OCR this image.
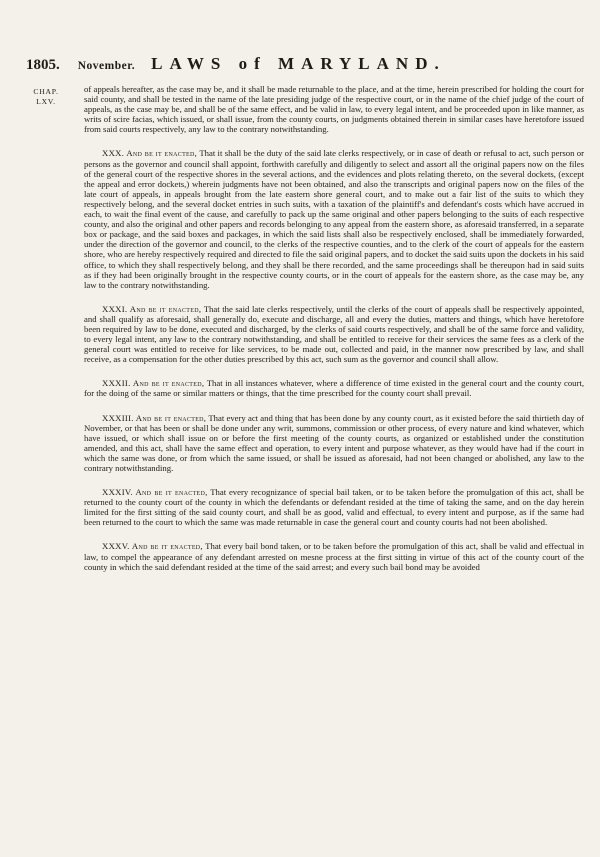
1805. November. LAWS of MARYLAND.
CHAP. LXV.

of appeals hereafter, as the case may be, and it shall be made returnable to the place, and at the time, herein prescribed for holding the court for said county, and shall be tested in the name of the late presiding judge of the respective court, or in the name of the chief judge of the court of appeals, as the case may be, and shall be of the same effect, and be valid in law, to every legal intent, and be proceeded upon in like manner, as writs of scire facias, which issued, or shall issue, from the county courts, on judgments obtained therein in similar cases have heretofore issued from said courts respectively, any law to the contrary notwithstanding.

XXX. And be it enacted, That it shall be the duty of the said late clerks respectively, or in case of death or refusal to act, such person or persons as the governor and council shall appoint, forthwith carefully and diligently to select and assort all the original papers now on the files of the general court of the respective shores in the several actions, and the evidences and plots relating thereto, on the several dockets, (except the appeal and error dockets,) wherein judgments have not been obtained, and also the transcripts and original papers now on the files of the late court of appeals, in appeals brought from the late eastern shore general court, and to make out a fair list of the suits to which they respectively belong, and the several docket entries in such suits, with a taxation of the plaintiff's and defendant's costs which have accrued in each, to wait the final event of the cause, and carefully to pack up the same original and other papers belonging to the suits of each respective county, and also the original and other papers and records belonging to any appeal from the eastern shore, as aforesaid transferred, in a separate box or package, and the said boxes and packages, in which the said lists shall also be respectively enclosed, shall be immediately forwarded, under the direction of the governor and council, to the clerks of the respective counties, and to the clerk of the court of appeals for the eastern shore, who are hereby respectively required and directed to file the said original papers, and to docket the said suits upon the dockets in his said office, to which they shall respectively belong, and they shall be there recorded, and the same proceedings shall be thereupon had in said suits as if they had been originally brought in the respective county courts, or in the court of appeals for the eastern shore, as the case may be, any law to the contrary notwithstanding.

XXXI. And be it enacted, That the said late clerks respectively, until the clerks of the court of appeals shall be respectively appointed, and shall qualify as aforesaid, shall generally do, execute and discharge, all and every the duties, matters and things, which have heretofore been required by law to be done, executed and discharged, by the clerks of said courts respectively, and shall be of the same force and validity, to every legal intent, any law to the contrary notwithstanding, and shall be entitled to receive for their services the same fees as a clerk of the general court was entitled to receive for like services, to be made out, collected and paid, in the manner now prescribed by law, and shall receive, as a compensation for the other duties prescribed by this act, such sum as the governor and council shall allow.

XXXII. And be it enacted, That in all instances whatever, where a difference of time existed in the general court and the county court, for the doing of the same or similar matters or things, that the time prescribed for the county court shall prevail.

XXXIII. And be it enacted, That every act and thing that has been done by any county court, as it existed before the said thirtieth day of November, or that has been or shall be done under any writ, summons, commission or other process, of every nature and kind whatever, which have issued, or which shall issue on or before the first meeting of the county courts, as organized or established under the constitution amended, and this act, shall have the same effect and operation, to every intent and purpose whatever, as they would have had if the court in which the same was done, or from which the same issued, or shall be issued as aforesaid, had not been changed or abolished, any law to the contrary notwithstanding.

XXXIV. And be it enacted, That every recognizance of special bail taken, or to be taken before the promulgation of this act, shall be returned to the county court of the county in which the defendants or defendant resided at the time of taking the same, and on the day herein limited for the first sitting of the said county court, and shall be as good, valid and effectual, to every intent and purpose, as if the same had been returned to the court to which the same was made returnable in case the general court and county courts had not been abolished.

XXXV. And be it enacted, That every bail bond taken, or to be taken before the promulgation of this act, shall be valid and effectual in law, to compel the appearance of any defendant arrested on mesne process at the first sitting in virtue of this act of the county court of the county in which the said defendant resided at the time of the said arrest; and every such bail bond may be avoided
